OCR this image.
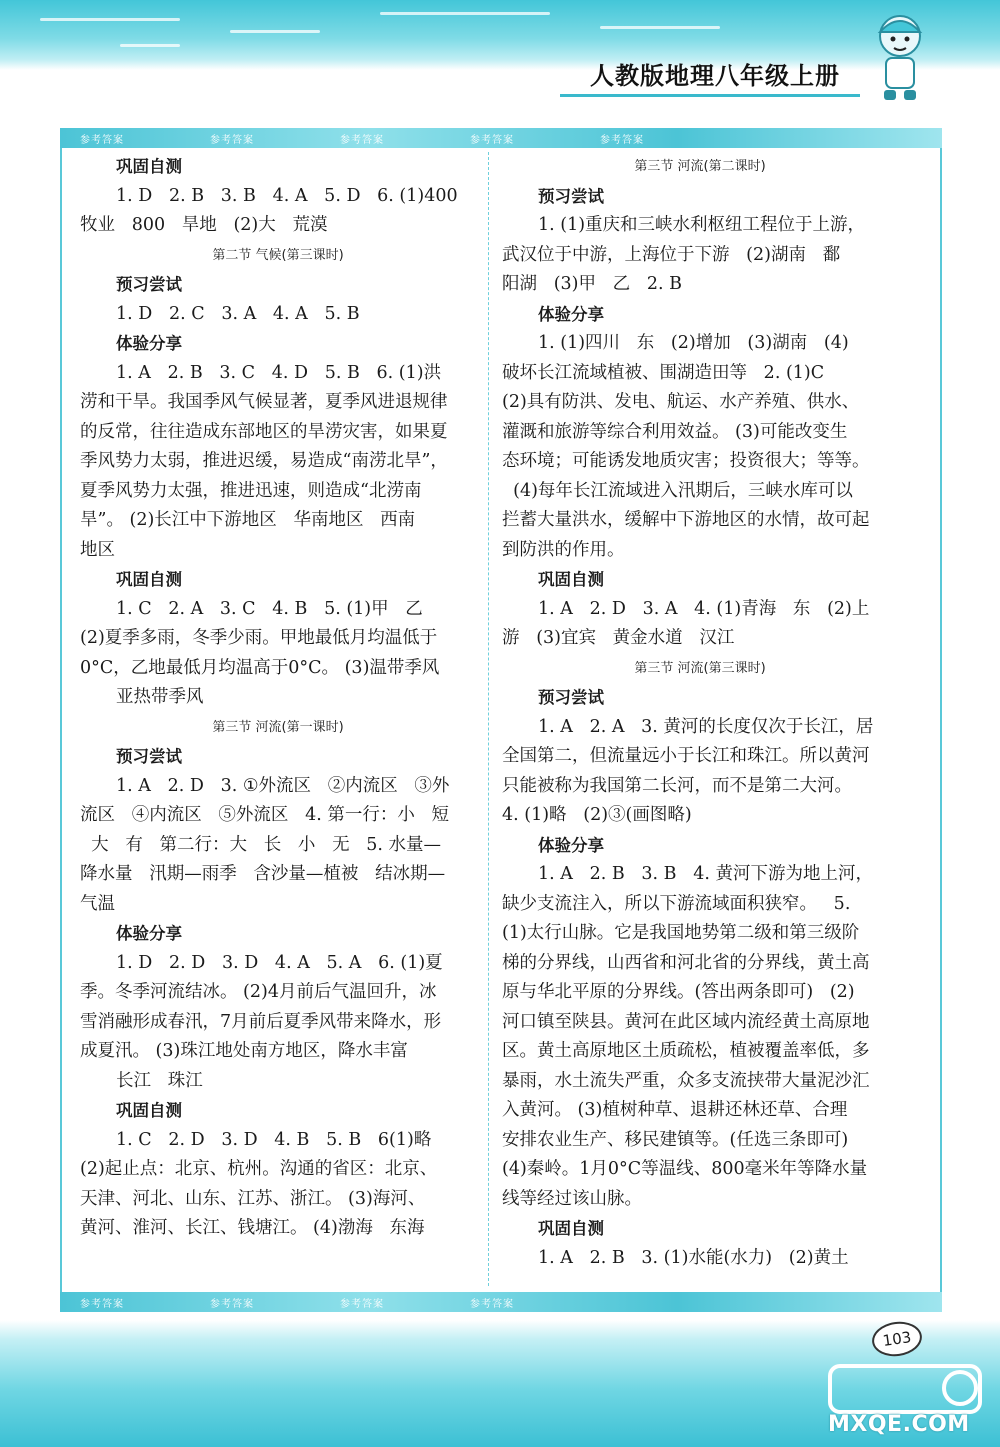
人教版地理八年级上册
参考答案	参考答案	参考答案	参考答案	参考答案
参考答案	参考答案	参考答案	参考答案
巩固自测
1. D   2. B   3. B   4. A   5. D   6. (1)400
牧业   800   旱地   (2)大   荒漠
第二节 气候(第三课时)
预习尝试
1. D   2. C   3. A   4. A   5. B
体验分享
1. A   2. B   3. C   4. D   5. B   6. (1)洪
涝和干旱。我国季风气候显著，夏季风进退规律
的反常，往往造成东部地区的旱涝灾害，如果夏
季风势力太弱，推进迟缓，易造成“南涝北旱”，
夏季风势力太强，推进迅速，则造成“北涝南
旱”。 (2)长江中下游地区   华南地区   西南
地区
巩固自测
1. C   2. A   3. C   4. B   5. (1)甲   乙
(2)夏季多雨，冬季少雨。甲地最低月均温低于
0°C，乙地最低月均温高于0°C。 (3)温带季风
亚热带季风
第三节 河流(第一课时)
预习尝试
1. A   2. D   3. ①外流区   ②内流区   ③外
流区   ④内流区   ⑤外流区   4. 第一行：小   短
大   有   第二行：大   长   小   无   5. 水量—
降水量   汛期—雨季   含沙量—植被   结冰期—
气温
体验分享
1. D   2. D   3. D   4. A   5. A   6. (1)夏
季。冬季河流结冰。 (2)4月前后气温回升，冰
雪消融形成春汛，7月前后夏季风带来降水，形
成夏汛。 (3)珠江地处南方地区，降水丰富
长江   珠江
巩固自测
1. C   2. D   3. D   4. B   5. B   6(1)略
(2)起止点：北京、杭州。沟通的省区：北京、
天津、河北、山东、江苏、浙江。 (3)海河、
黄河、淮河、长江、钱塘江。 (4)渤海   东海
第三节 河流(第二课时)
预习尝试
1. (1)重庆和三峡水利枢纽工程位于上游，
武汉位于中游，上海位于下游   (2)湖南   鄱
阳湖   (3)甲   乙   2. B
体验分享
1. (1)四川   东   (2)增加   (3)湖南   (4)
破坏长江流域植被、围湖造田等   2. (1)C
(2)具有防洪、发电、航运、水产养殖、供水、
灌溉和旅游等综合利用效益。 (3)可能改变生
态环境；可能诱发地质灾害；投资很大；等等。
(4)每年长江流域进入汛期后，三峡水库可以
拦蓄大量洪水，缓解中下游地区的水情，故可起
到防洪的作用。
巩固自测
1. A   2. D   3. A   4. (1)青海   东   (2)上
游   (3)宜宾   黄金水道   汉江
第三节 河流(第三课时)
预习尝试
1. A   2. A   3. 黄河的长度仅次于长江，居
全国第二，但流量远小于长江和珠江。所以黄河
只能被称为我国第二长河，而不是第二大河。
4. (1)略   (2)③(画图略)
体验分享
1. A   2. B   3. B   4. 黄河下游为地上河，
缺少支流注入，所以下游流域面积狭窄。   5.
(1)太行山脉。它是我国地势第二级和第三级阶
梯的分界线，山西省和河北省的分界线，黄土高
原与华北平原的分界线。(答出两条即可)   (2)
河口镇至陕县。黄河在此区域内流经黄土高原地
区。黄土高原地区土质疏松，植被覆盖率低，多
暴雨，水土流失严重，众多支流挟带大量泥沙汇
入黄河。 (3)植树种草、退耕还林还草、合理
安排农业生产、移民建镇等。(任选三条即可)
(4)秦岭。1月0°C等温线、800毫米年等降水量
线等经过该山脉。
巩固自测
1. A   2. B   3. (1)水能(水力)   (2)黄土
103
MXQE.COM
